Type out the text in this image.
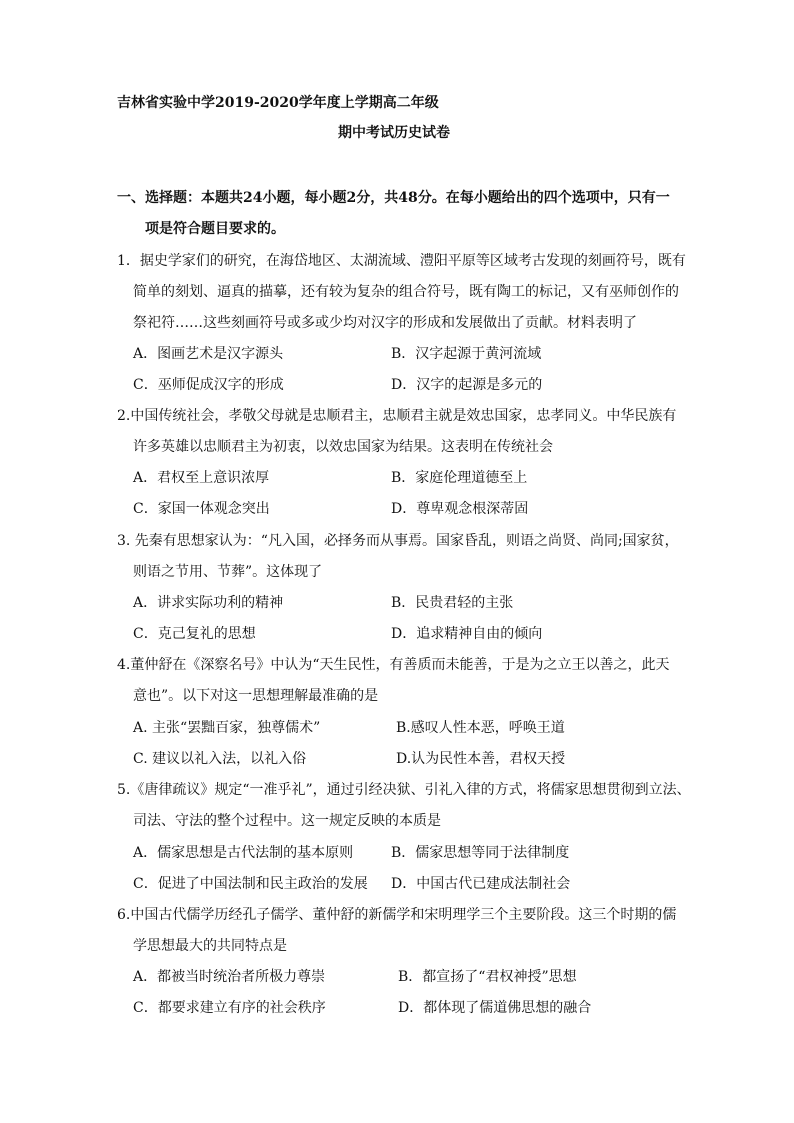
吉林省实验中学2019-2020学年度上学期高二年级
期中考试历史试卷
一、选择题：本题共24小题，每小题2分，共48分。在每小题给出的四个选项中，只有一
项是符合题目要求的。
1．据史学家们的研究，在海岱地区、太湖流域、澧阳平原等区域考古发现的刻画符号，既有
简单的刻划、逼真的描摹，还有较为复杂的组合符号，既有陶工的标记，又有巫师创作的
祭祀符……这些刻画符号或多或少均对汉字的形成和发展做出了贡献。材料表明了
A．图画艺术是汉字源头	B．汉字起源于黄河流域
C．巫师促成汉字的形成	D．汉字的起源是多元的
2.中国传统社会，孝敬父母就是忠顺君主，忠顺君主就是效忠国家，忠孝同义。中华民族有
许多英雄以忠顺君主为初衷，以效忠国家为结果。这表明在传统社会
A．君权至上意识浓厚	B．家庭伦理道德至上
C．家国一体观念突出	D．尊卑观念根深蒂固
3. 先秦有思想家认为：“凡入国，必择务而从事焉。国家昏乱，则语之尚贤、尚同;国家贫，
则语之节用、节葬”。这体现了
A．讲求实际功利的精神	B．民贵君轻的主张
C．克己复礼的思想	D．追求精神自由的倾向
4.董仲舒在《深察名号》中认为“天生民性，有善质而未能善，于是为之立王以善之，此天
意也”。以下对这一思想理解最准确的是
A. 主张“罢黜百家，独尊儒术”	B.感叹人性本恶，呼唤王道
C. 建议以礼入法，以礼入俗	D.认为民性本善，君权天授
5.《唐律疏议》规定“一准乎礼”，通过引经决狱、引礼入律的方式，将儒家思想贯彻到立法、
司法、守法的整个过程中。这一规定反映的本质是
A．儒家思想是古代法制的基本原则	B．儒家思想等同于法律制度
C．促进了中国法制和民主政治的发展 D．中国古代已建成法制社会
6.中国古代儒学历经孔子儒学、董仲舒的新儒学和宋明理学三个主要阶段。这三个时期的儒
学思想最大的共同特点是
A．都被当时统治者所极力尊崇	B．都宣扬了“君权神授”思想
C．都要求建立有序的社会秩序	D．都体现了儒道佛思想的融合
